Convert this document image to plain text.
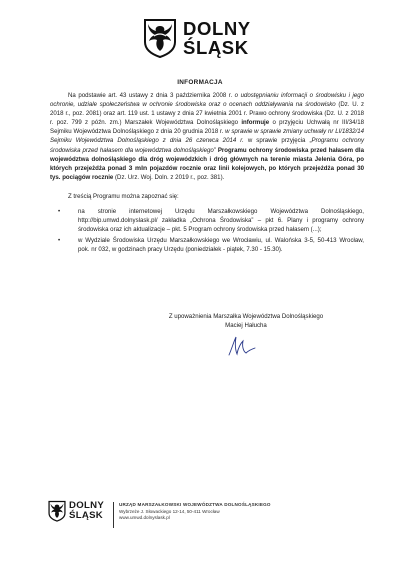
DOLNY
ŚLĄSK
INFORMACJA

Na podstawie art. 43 ustawy z dnia 3 października 2008 r. o udostępnianiu informacji o środowisku i jego ochronie, udziale społeczeństwa w ochronie środowiska oraz o ocenach oddziaływania na środowisko (Dz. U. z 2018 r., poz. 2081) oraz art. 119 ust. 1 ustawy z dnia 27 kwietnia 2001 r. Prawo ochrony środowiska (Dz. U. z 2018 r. poz. 799 z późn. zm.) Marszałek Województwa Dolnośląskiego informuje o przyjęciu Uchwałą nr III/34/18 Sejmiku Województwa Dolnośląskiego z dnia 20 grudnia 2018 r. w sprawie w sprawie zmiany uchwały nr LI/1832/14 Sejmiku Województwa Dolnośląskiego z dnia 26 czerwca 2014 r. w sprawie przyjęcia „Programu ochrony środowiska przed hałasem dla województwa dolnośląskiego” Programu ochrony środowiska przed hałasem dla województwa dolnośląskiego dla dróg wojewódzkich i dróg głównych na terenie miasta Jelenia Góra, po których przejeżdża ponad 3 mln pojazdów rocznie oraz linii kolejowych, po których przejeżdża ponad 30 tys. pociągów rocznie (Dz. Urz. Woj. Doln. z 2019 r., poz. 381).

Z treścią Programu można zapoznać się:

•	na stronie internetowej Urzędu Marszałkowskiego Województwa Dolnośląskiego, http://bip.umwd.dolnyslask.pl/ zakładka „Ochrona Środowiska” – pkt 6. Plany i programy ochrony środowiska oraz ich aktualizacje – pkt. 5 Program ochrony środowiska przed hałasem (...);
•	w Wydziale Środowiska Urzędu Marszałkowskiego we Wrocławiu, ul. Walońska 3-5, 50-413 Wrocław, pok. nr 032, w godzinach pracy Urzędu (poniedziałek - piątek, 7.30 - 15.30).

Z upoważnienia Marszałka Województwa Dolnośląskiego

Maciej Hałucha

DOLNY
ŚLĄSK
URZĄD MARSZAŁKOWSKI WOJEWÓDZTWA DOLNOŚLĄSKIEGO
Wybrzeże J. Słowackiego 12-14, 50-411 Wrocław
www.umwd.dolnyslask.pl
